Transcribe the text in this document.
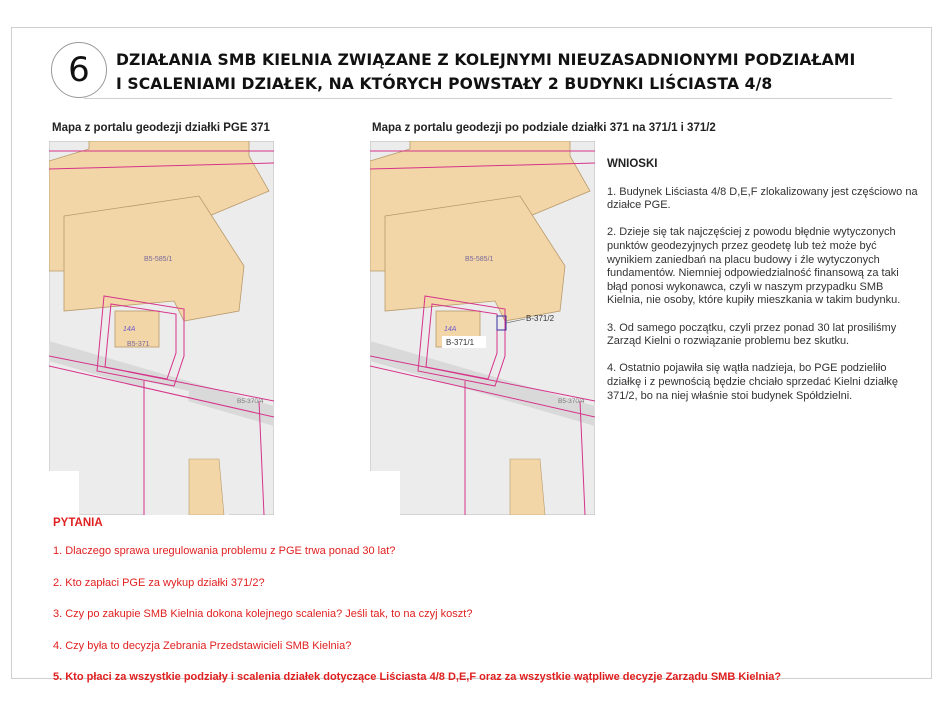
6	DZIAŁANIA SMB KIELNIA ZWIĄZANE Z KOLEJNYMI NIEUZASADNIONYMI PODZIAŁAMI
I SCALENIAMI DZIAŁEK, NA KTÓRYCH POWSTAŁY 2 BUDYNKI LIŚCIASTA 4/8
Mapa z portalu geodezji działki PGE 371
B5-585/1
14A
B5-371
B5-370/4
Mapa z portalu geodezji po podziale działki 371 na 371/1 i 371/2
B5-585/1
14A
B-371/1
B-371/2
B5-370/4
WNIOSKI

1. Budynek Liściasta 4/8 D,E,F zlokalizowany jest częściowo na działce PGE.

2. Dzieje się tak najczęściej z powodu błędnie wytyczonych punktów geodezyjnych przez geodetę lub też może być wynikiem zaniedbań na placu budowy i źle wytyczonych fundamentów. Niemniej odpowiedzialność finansową za taki błąd ponosi wykonawca, czyli w naszym przypadku SMB Kielnia, nie osoby, które kupiły mieszkania w takim budynku.

3. Od samego początku, czyli przez ponad 30 lat prosiliśmy Zarząd Kielni o rozwiązanie problemu bez skutku.

4. Ostatnio pojawiła się wątła nadzieja, bo PGE podzieliło działkę i z pewnością będzie chciało sprzedać Kielni działkę 371/2, bo na niej właśnie stoi budynek Spółdzielni.

PYTANIA
1. Dlaczego sprawa uregulowania problemu z PGE trwa ponad 30 lat?
2. Kto zapłaci PGE za wykup działki 371/2?
3. Czy po zakupie SMB Kielnia dokona kolejnego scalenia? Jeśli tak, to na czyj koszt?
4. Czy była to decyzja Zebrania Przedstawicieli SMB Kielnia?
5. Kto płaci za wszystkie podziały i scalenia działek dotyczące Liściasta 4/8 D,E,F oraz za wszystkie wątpliwe decyzje Zarządu SMB Kielnia?
